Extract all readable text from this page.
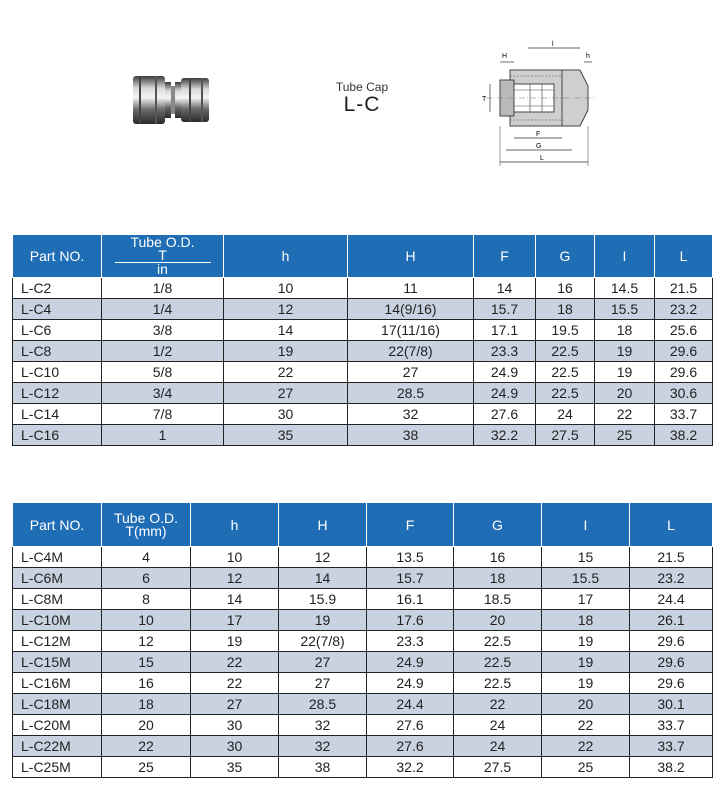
Tube Cap
L-C
H
l
h
T
F
G
L
Part NO.	Tube O.D.
T
in	h	H	F	G	I	L
L-C2	1/8	10	11	14	16	14.5	21.5
L-C4	1/4	12	14(9/16)	15.7	18	15.5	23.2
L-C6	3/8	14	17(11/16)	17.1	19.5	18	25.6
L-C8	1/2	19	22(7/8)	23.3	22.5	19	29.6
L-C10	5/8	22	27	24.9	22.5	19	29.6
L-C12	3/4	27	28.5	24.9	22.5	20	30.6
L-C14	7/8	30	32	27.6	24	22	33.7
L-C16	1	35	38	32.2	27.5	25	38.2
Part NO.	Tube O.D.
T(mm)	h	H	F	G	I	L
L-C4M	4	10	12	13.5	16	15	21.5
L-C6M	6	12	14	15.7	18	15.5	23.2
L-C8M	8	14	15.9	16.1	18.5	17	24.4
L-C10M	10	17	19	17.6	20	18	26.1
L-C12M	12	19	22(7/8)	23.3	22.5	19	29.6
L-C15M	15	22	27	24.9	22.5	19	29.6
L-C16M	16	22	27	24.9	22.5	19	29.6
L-C18M	18	27	28.5	24.4	22	20	30.1
L-C20M	20	30	32	27.6	24	22	33.7
L-C22M	22	30	32	27.6	24	22	33.7
L-C25M	25	35	38	32.2	27.5	25	38.2
